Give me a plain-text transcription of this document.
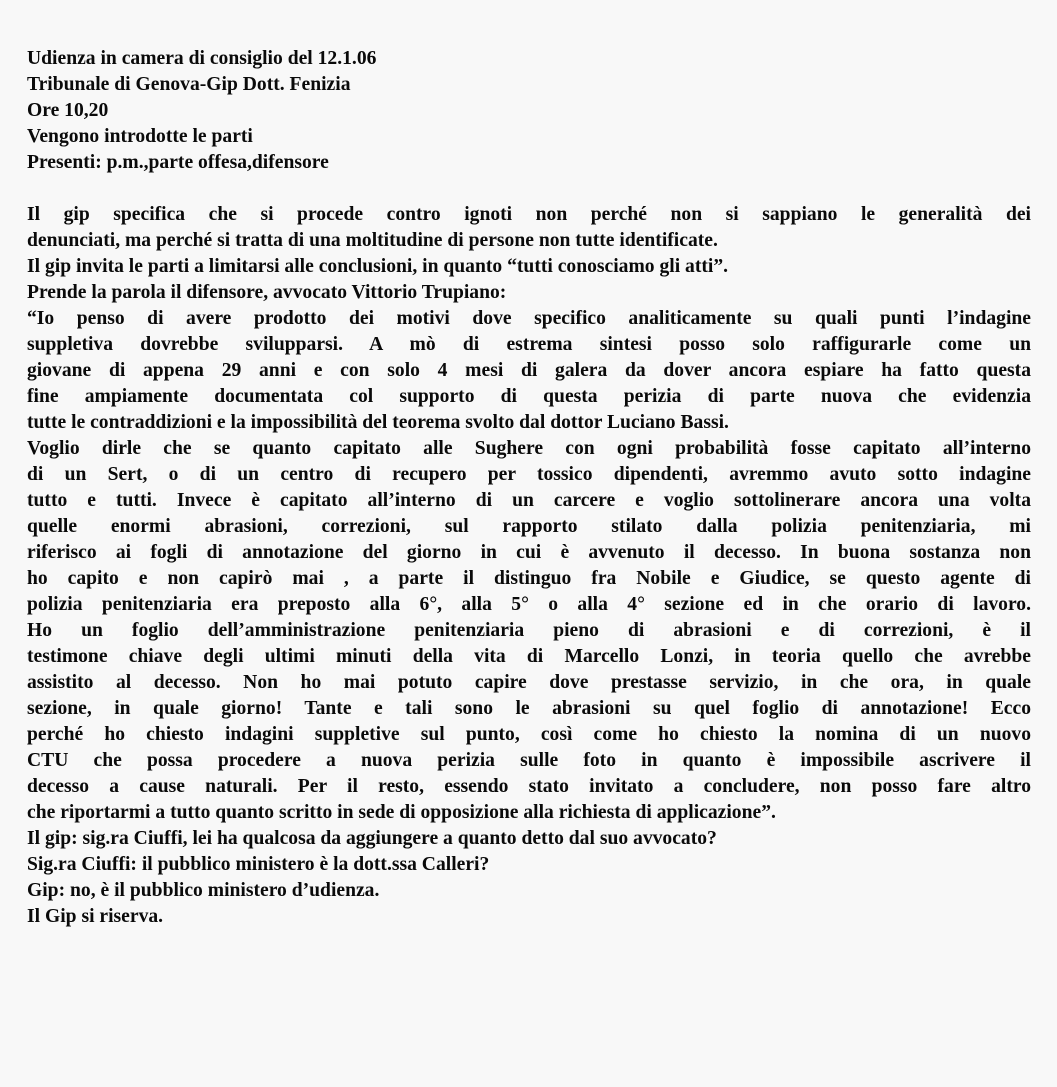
Udienza in camera di consiglio del 12.1.06

Tribunale di Genova-Gip Dott. Fenizia

Ore 10,20

Vengono introdotte le parti

Presenti: p.m.,parte offesa,difensore

Il gip specifica che si procede contro ignoti non perché non si sappiano le generalità dei

denunciati, ma perché si tratta di una moltitudine di persone non tutte identificate.

Il gip invita le parti a limitarsi alle conclusioni, in quanto “tutti conosciamo gli atti”.

Prende la parola il difensore, avvocato Vittorio Trupiano:

“Io penso di avere prodotto dei motivi dove specifico analiticamente su quali punti l’indagine

suppletiva dovrebbe svilupparsi. A mò di estrema sintesi posso solo raffigurarle come un

giovane di appena 29 anni e con solo 4 mesi di galera da dover ancora espiare ha fatto questa

fine ampiamente documentata col supporto di questa perizia di parte nuova che evidenzia

tutte le contraddizioni e la impossibilità del teorema svolto dal dottor Luciano Bassi.

Voglio dirle che se quanto capitato alle Sughere con ogni probabilità fosse capitato all’interno

di un Sert, o di un centro di recupero per tossico dipendenti, avremmo avuto sotto indagine

tutto e tutti. Invece è capitato all’interno di un carcere e voglio sottolinerare ancora una volta

quelle enormi abrasioni, correzioni, sul rapporto stilato dalla polizia penitenziaria, mi

riferisco ai fogli di annotazione del giorno in cui è avvenuto il decesso. In buona sostanza non

ho capito e non capirò mai , a parte il distinguo fra Nobile e Giudice, se questo agente di

polizia penitenziaria era preposto alla 6°, alla 5° o alla 4° sezione ed in che orario di lavoro.

Ho un foglio dell’amministrazione penitenziaria pieno di abrasioni e di correzioni, è il

testimone chiave degli ultimi minuti della vita di Marcello Lonzi, in teoria quello che avrebbe

assistito al decesso. Non ho mai potuto capire dove prestasse servizio, in che ora, in quale

sezione, in quale giorno! Tante e tali sono le abrasioni su quel foglio di annotazione! Ecco

perché ho chiesto indagini suppletive sul punto, così come ho chiesto la nomina di un nuovo

CTU che possa procedere a nuova perizia sulle foto in quanto è impossibile ascrivere il

decesso a cause naturali. Per il resto, essendo stato invitato a concludere, non posso fare altro

che riportarmi a tutto quanto scritto in sede di opposizione alla richiesta di applicazione”.

Il gip: sig.ra Ciuffi, lei ha qualcosa da aggiungere a quanto detto dal suo avvocato?

Sig.ra Ciuffi: il pubblico ministero è la dott.ssa Calleri?

Gip: no, è il pubblico ministero d’udienza.

Il Gip si riserva.
